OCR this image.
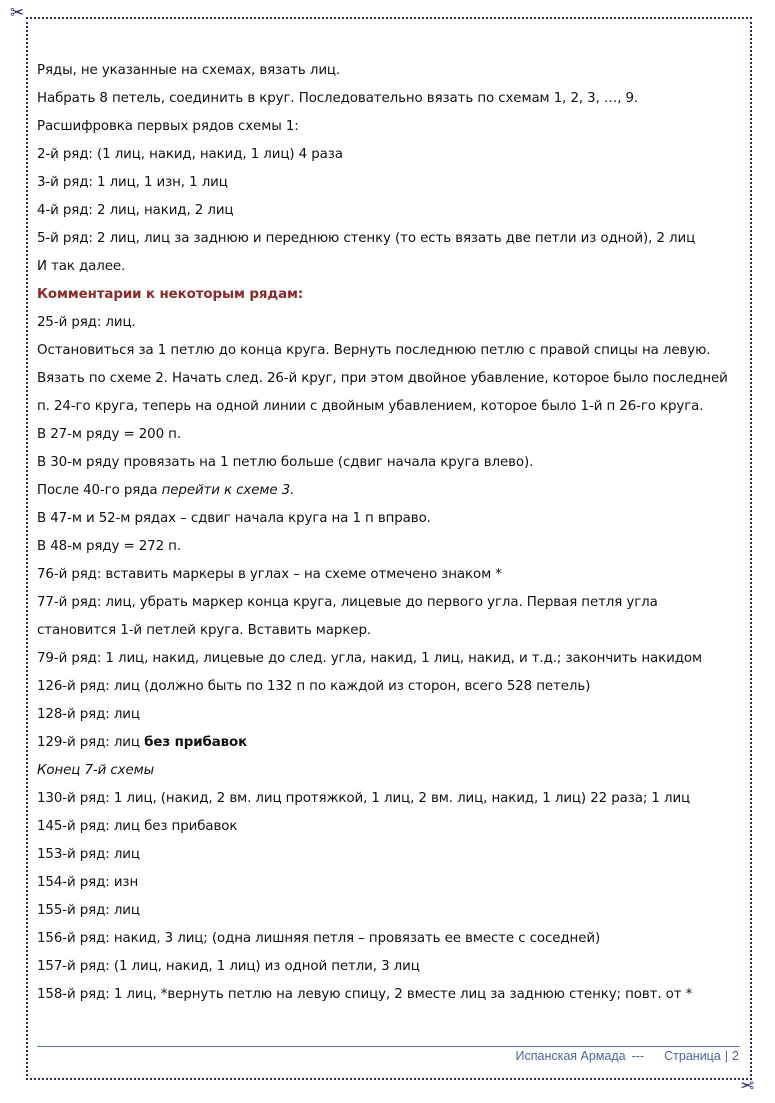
✂
✂
Ряды, не указанные на схемах, вязать лиц.
Набрать 8 петель, соединить в круг. Последовательно вязать по схемам 1, 2, 3, …, 9.
Расшифровка первых рядов схемы 1:
2-й ряд: (1 лиц, накид, накид, 1 лиц) 4 раза
3-й ряд: 1 лиц, 1 изн, 1 лиц
4-й ряд: 2 лиц, накид, 2 лиц
5-й ряд: 2 лиц, лиц за заднюю и переднюю стенку (то есть вязать две петли из одной), 2 лиц
И так далее.
Комментарии к некоторым рядам:
25-й ряд: лиц.
Остановиться за 1 петлю до конца круга. Вернуть последнюю петлю с правой спицы на левую.
Вязать по схеме 2. Начать след. 26-й круг, при этом двойное убавление, которое было последней
п. 24-го круга, теперь на одной линии с двойным убавлением, которое было 1-й п 26-го круга.
В 27-м ряду = 200 п.
В 30-м ряду провязать на 1 петлю больше (сдвиг начала круга влево).
После 40-го ряда перейти к схеме 3.
В 47-м и 52-м рядах – сдвиг начала круга на 1 п вправо.
В 48-м ряду = 272 п.
76-й ряд: вставить маркеры в углах – на схеме отмечено знаком *
77-й ряд: лиц, убрать маркер конца круга, лицевые до первого угла. Первая петля угла
становится 1-й петлей круга. Вставить маркер.
79-й ряд: 1 лиц, накид, лицевые до след. угла, накид, 1 лиц, накид, и т.д.; закончить накидом
126-й ряд: лиц (должно быть по 132 п по каждой из сторон, всего 528 петель)
128-й ряд: лиц
129-й ряд: лиц без прибавок
Конец 7-й схемы
130-й ряд: 1 лиц, (накид, 2 вм. лиц протяжкой, 1 лиц, 2 вм. лиц, накид, 1 лиц) 22 раза; 1 лиц
145-й ряд: лиц без прибавок
153-й ряд: лиц
154-й ряд: изн
155-й ряд: лиц
156-й ряд: накид, 3 лиц; (одна лишняя петля – провязать ее вместе с соседней)
157-й ряд: (1 лиц, накид, 1 лиц) из одной петли, 3 лиц
158-й ряд: 1 лиц, *вернуть петлю на левую спицу, 2 вместе лиц за заднюю стенку; повт. от *
Испанская Армада --- Страница | 2
